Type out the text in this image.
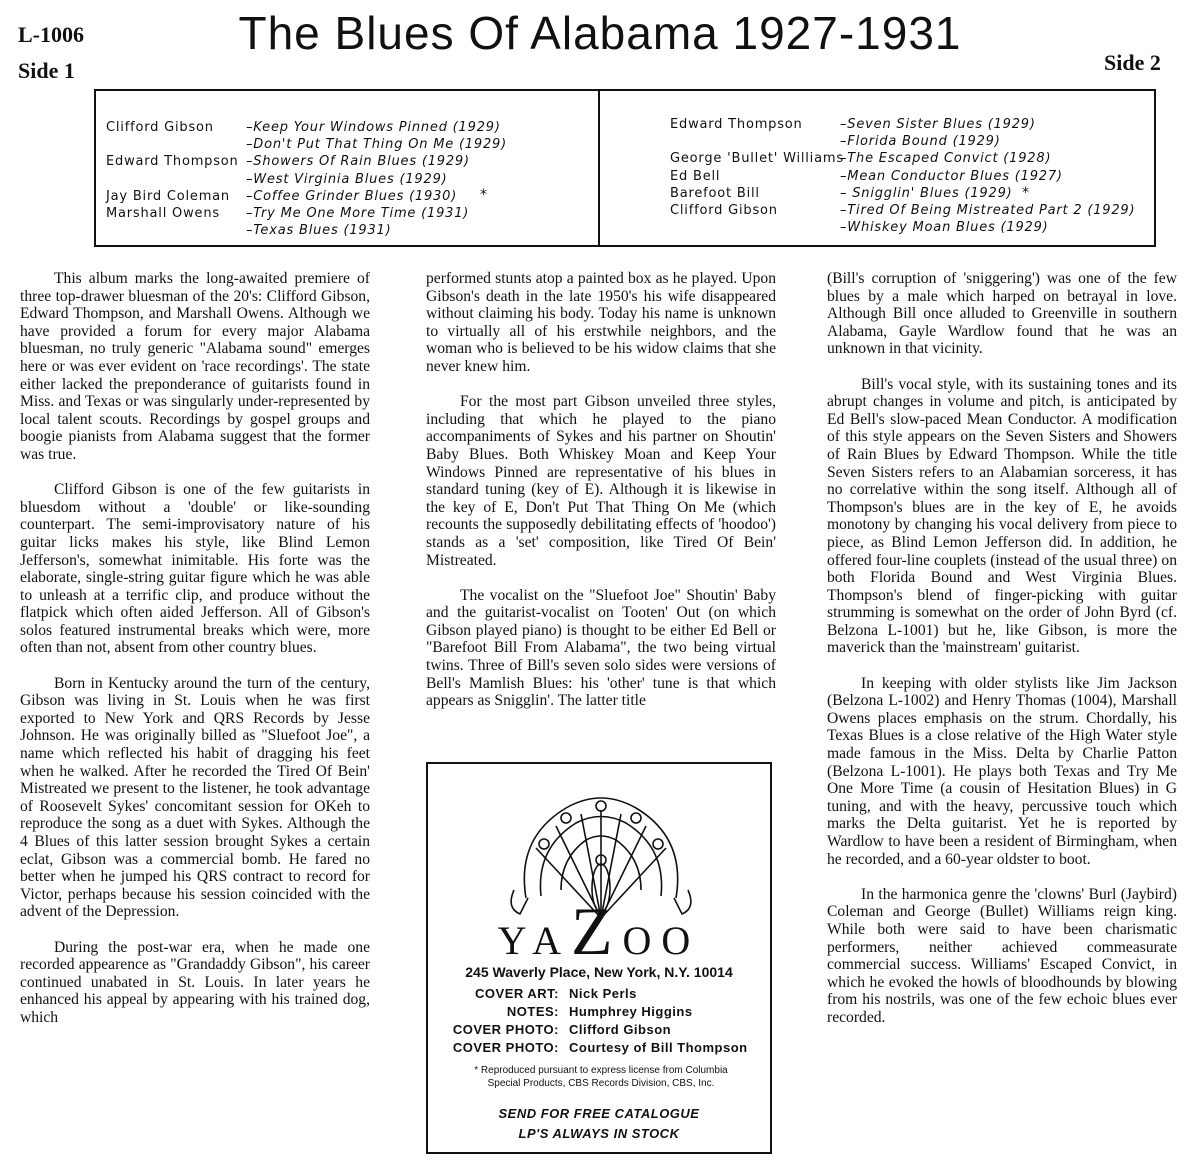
L-1006
Side 1	Side 2
The Blues Of Alabama 1927-1931
Clifford Gibson

Edward Thompson

Jay Bird Coleman
Marshall Owens

–Keep Your Windows Pinned (1929)
–Don't Put That Thing On Me (1929)
–Showers Of Rain Blues (1929)
–West Virginia Blues (1929)
–Coffee Grinder Blues (1930)
–Try Me One More Time (1931)
–Texas Blues (1931)
*
Edward Thompson

George 'Bullet' Williams
Ed Bell
Barefoot Bill
Clifford Gibson

–Seven Sister Blues (1929)
–Florida Bound (1929)
–The Escaped Convict (1928)
–Mean Conductor Blues (1927)
– Snigglin' Blues (1929)
–Tired Of Being Mistreated Part 2 (1929)
–Whiskey Moan Blues (1929)
*

This album marks the long-awaited premiere of three top-drawer bluesman of the 20's: Clifford Gibson, Edward Thompson, and Marshall Owens. Although we have provided a forum for every major Alabama bluesman, no truly generic "Alabama sound" emerges here or was ever evident on 'race recordings'. The state either lacked the preponderance of guitarists found in Miss. and Texas or was singularly under-represented by local talent scouts. Recordings by gospel groups and boogie pianists from Alabama suggest that the former was true.

Clifford Gibson is one of the few guitarists in bluesdom without a 'double' or like-sounding counterpart. The semi-improvisatory nature of his guitar licks makes his style, like Blind Lemon Jefferson's, somewhat inimitable. His forte was the elaborate, single-string guitar figure which he was able to unleash at a terrific clip, and produce without the flatpick which often aided Jefferson. All of Gibson's solos featured instrumental breaks which were, more often than not, absent from other country blues.

Born in Kentucky around the turn of the century, Gibson was living in St. Louis when he was first exported to New York and QRS Records by Jesse Johnson. He was originally billed as "Sluefoot Joe", a name which reflected his habit of dragging his feet when he walked. After he recorded the Tired Of Bein' Mistreated we present to the listener, he took advantage of Roosevelt Sykes' concomitant session for OKeh to reproduce the song as a duet with Sykes. Although the 4 Blues of this latter session brought Sykes a certain eclat, Gibson was a commercial bomb. He fared no better when he jumped his QRS contract to record for Victor, perhaps because his session coincided with the advent of the Depression.

During the post-war era, when he made one recorded appearence as "Grandaddy Gibson", his career continued unabated in St. Louis. In later years he enhanced his appeal by appearing with his trained dog, which

performed stunts atop a painted box as he played. Upon Gibson's death in the late 1950's his wife disappeared without claiming his body. Today his name is unknown to virtually all of his erstwhile neighbors, and the woman who is believed to be his widow claims that she never knew him.

For the most part Gibson unveiled three styles, including that which he played to the piano accompaniments of Sykes and his partner on Shoutin' Baby Blues. Both Whiskey Moan and Keep Your Windows Pinned are representative of his blues in standard tuning (key of E). Although it is likewise in the key of E, Don't Put That Thing On Me (which recounts the supposedly debilitating effects of 'hoodoo') stands as a 'set' composition, like Tired Of Bein' Mistreated.

The vocalist on the "Sluefoot Joe" Shoutin' Baby and the guitarist-vocalist on Tooten' Out (on which Gibson played piano) is thought to be either Ed Bell or "Barefoot Bill From Alabama", the two being virtual twins. Three of Bill's seven solo sides were versions of Bell's Mamlish Blues: his 'other' tune is that which appears as Snigglin'. The latter title

(Bill's corruption of 'sniggering') was one of the few blues by a male which harped on betrayal in love. Although Bill once alluded to Greenville in southern Alabama, Gayle Wardlow found that he was an unknown in that vicinity.

Bill's vocal style, with its sustaining tones and its abrupt changes in volume and pitch, is anticipated by Ed Bell's slow-paced Mean Conductor. A modification of this style appears on the Seven Sisters and Showers of Rain Blues by Edward Thompson. While the title Seven Sisters refers to an Alabamian sorceress, it has no correlative within the song itself. Although all of Thompson's blues are in the key of E, he avoids monotony by changing his vocal delivery from piece to piece, as Blind Lemon Jefferson did. In addition, he offered four-line couplets (instead of the usual three) on both Florida Bound and West Virginia Blues. Thompson's blend of finger-picking with guitar strumming is somewhat on the order of John Byrd (cf. Belzona L-1001) but he, like Gibson, is more the maverick than the 'mainstream' guitarist.

In keeping with older stylists like Jim Jackson (Belzona L-1002) and Henry Thomas (1004), Marshall Owens places emphasis on the strum. Chordally, his Texas Blues is a close relative of the High Water style made famous in the Miss. Delta by Charlie Patton (Belzona L-1001). He plays both Texas and Try Me One More Time (a cousin of Hesitation Blues) in G tuning, and with the heavy, percussive touch which marks the Delta guitarist. Yet he is reported by Wardlow to have been a resident of Birmingham, when he recorded, and a 60-year oldster to boot.

In the harmonica genre the 'clowns' Burl (Jaybird) Coleman and George (Bullet) Williams reign king. While both were said to have been charismatic performers, neither achieved commeasurate commercial success. Williams' Escaped Convict, in which he evoked the howls of bloodhounds by blowing from his nostrils, was one of the few echoic blues ever recorded.

YAZOO
245 Waverly Place, New York, N.Y. 10014
COVER ART: Nick Perls
NOTES: Humphrey Higgins
COVER PHOTO: Clifford Gibson
COVER PHOTO: Courtesy of Bill Thompson
* Reproduced pursuant to express license from Columbia Special Products, CBS Records Division, CBS, Inc.
SEND FOR FREE CATALOGUE
LP'S ALWAYS IN STOCK
